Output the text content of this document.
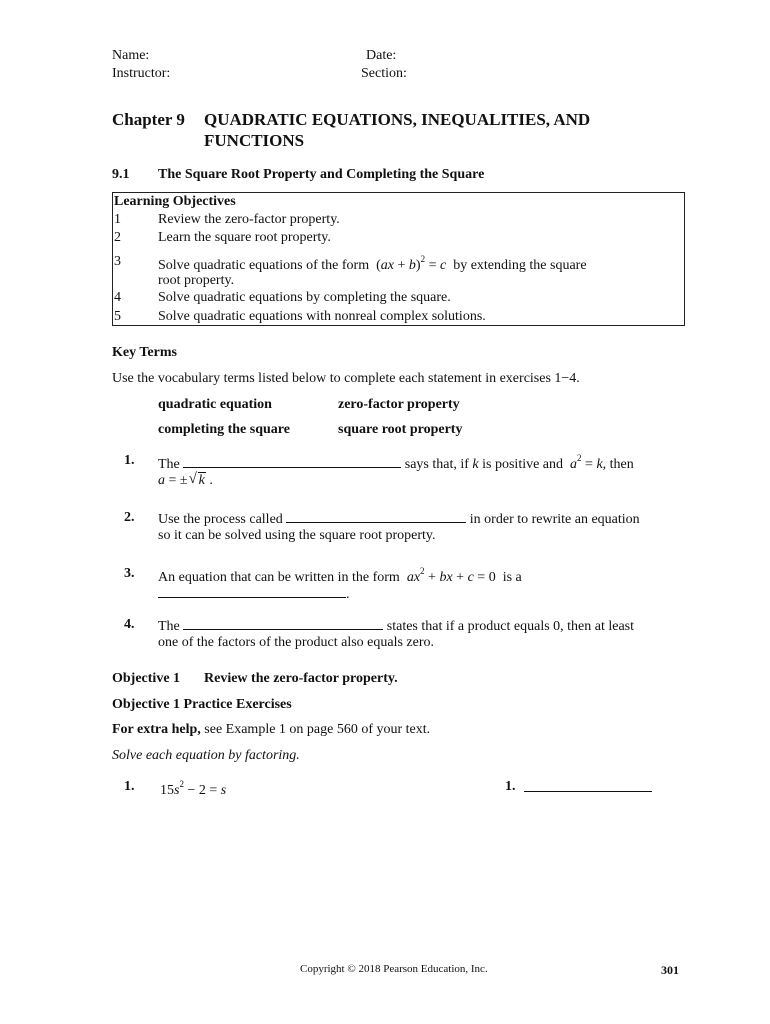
Name:	Date:
Instructor:	Section:
Chapter 9 QUADRATIC EQUATIONS, INEQUALITIES, AND
FUNCTIONS
9.1 The Square Root Property and Completing the Square
Learning Objectives
1	Review the zero-factor property.
2	Learn the square root property.
3	Solve quadratic equations of the form (ax + b)$^2$ = c  by extending the square
root property.
4	Solve quadratic equations by completing the square.
5	Solve quadratic equations with nonreal complex solutions.
Key Terms
Use the vocabulary terms listed below to complete each statement in exercises 1−4.
quadratic equation	zero-factor property
completing the square	square root property
1. The	says that, if k is positive and  $a^2 = k$, then
a = ± √ k .
2. Use the process called	in order to rewrite an equation
so it can be solved using the square root property.
3. An equation that can be written in the form  $ax^2$ + bx + c = 0 is a
.
4. The	states that if a product equals 0, then at least
one of the factors of the product also equals zero.
Objective 1 Review the zero-factor property.
Objective 1 Practice Exercises
For extra help, see Example 1 on page 560 of your text.
Solve each equation by factoring.
1. $15s^2 - 2 = s$	1.
Copyright © 2018 Pearson Education, Inc.	301
